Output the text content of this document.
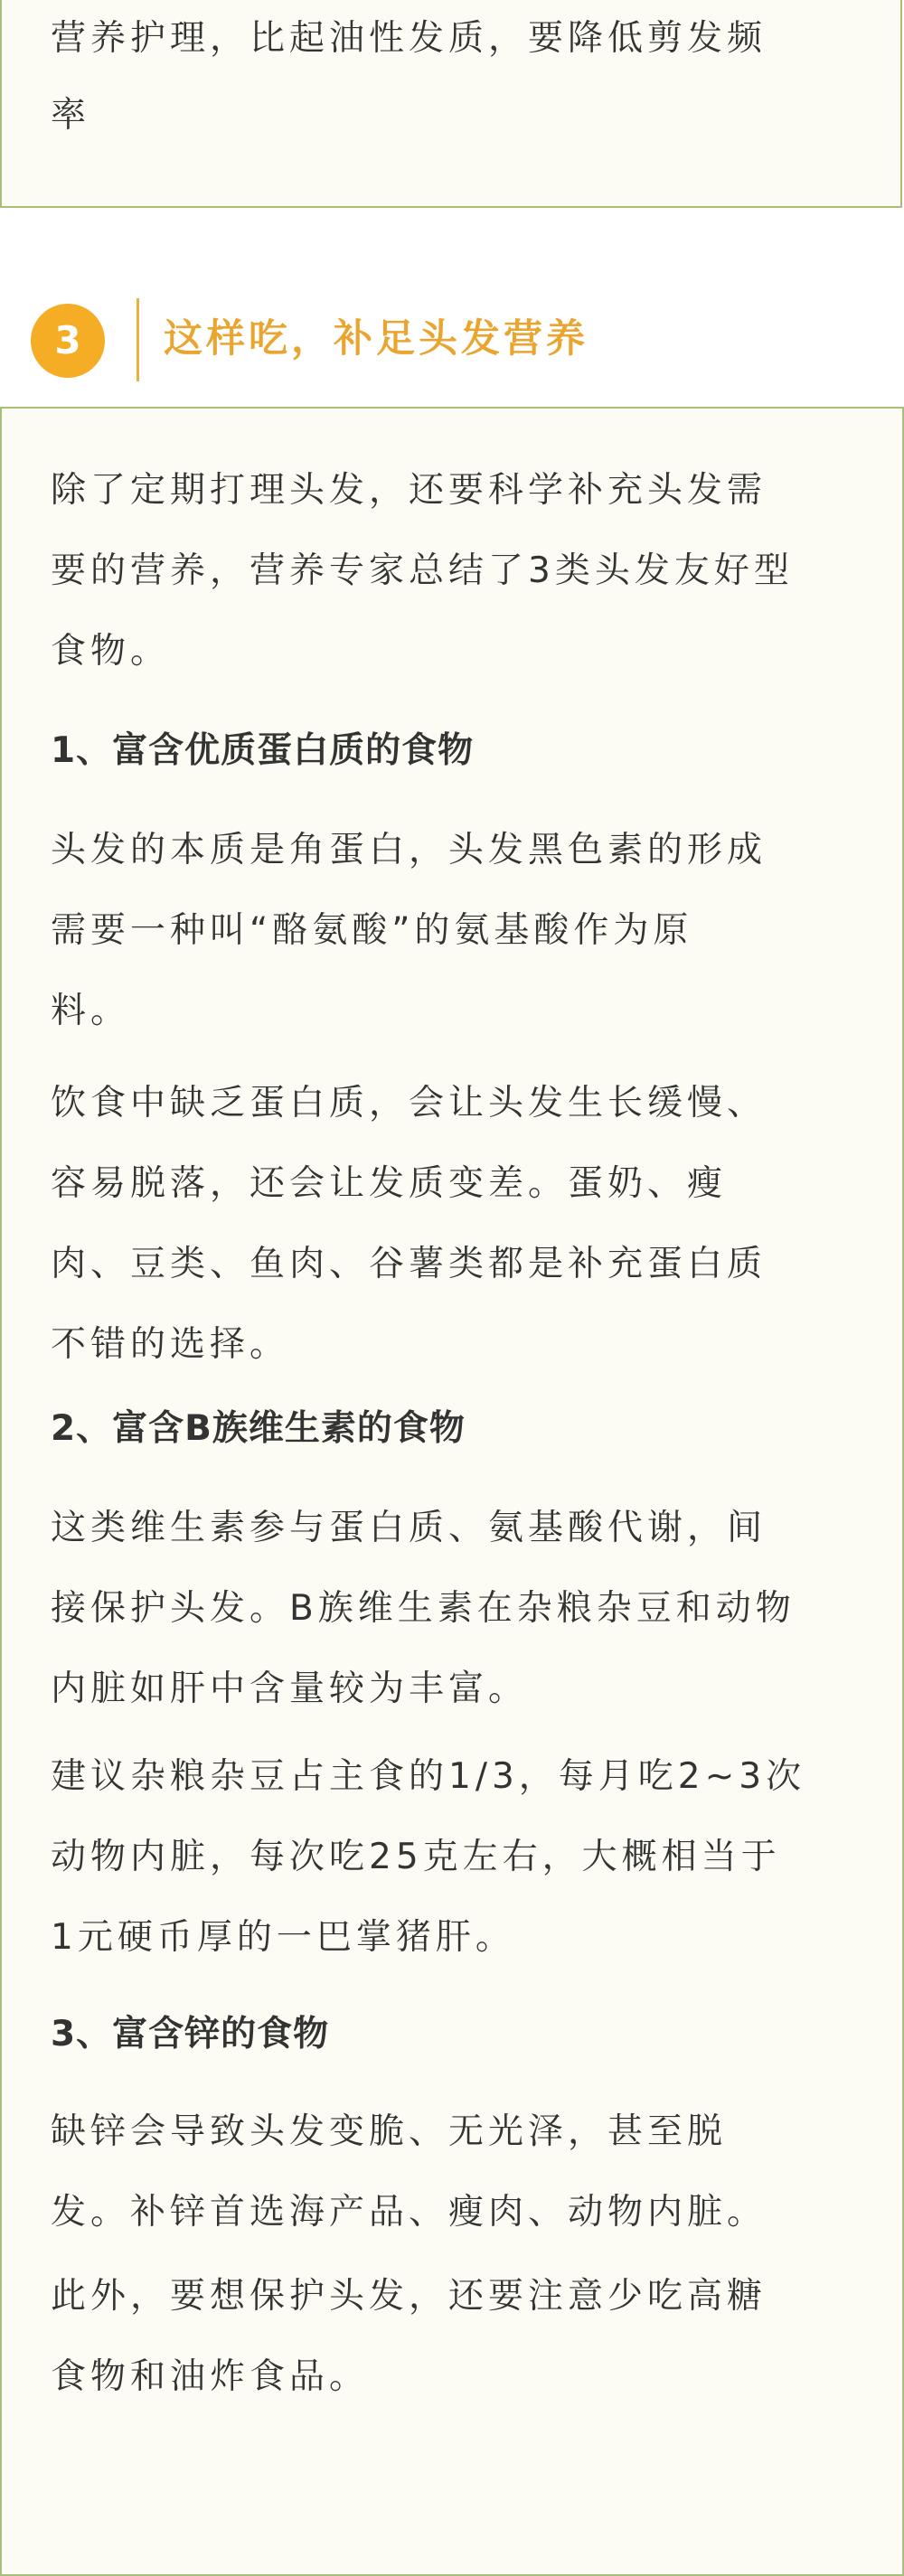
营养护理，比起油性发质，要降低剪发频

率

3	这样吃，补足头发营养

除了定期打理头发，还要科学补充头发需

要的营养，营养专家总结了3类头发友好型

食物。

1、富含优质蛋白质的食物

头发的本质是角蛋白，头发黑色素的形成

需要一种叫“酪氨酸”的氨基酸作为原

料。

饮食中缺乏蛋白质，会让头发生长缓慢、

容易脱落，还会让发质变差。蛋奶、瘦

肉、豆类、鱼肉、谷薯类都是补充蛋白质

不错的选择。

2、富含B族维生素的食物

这类维生素参与蛋白质、氨基酸代谢，间

接保护头发。B族维生素在杂粮杂豆和动物

内脏如肝中含量较为丰富。

建议杂粮杂豆占主食的1/3，每月吃2~3次

动物内脏，每次吃25克左右，大概相当于

1元硬币厚的一巴掌猪肝。

3、富含锌的食物

缺锌会导致头发变脆、无光泽，甚至脱

发。补锌首选海产品、瘦肉、动物内脏。

此外，要想保护头发，还要注意少吃高糖

食物和油炸食品。
